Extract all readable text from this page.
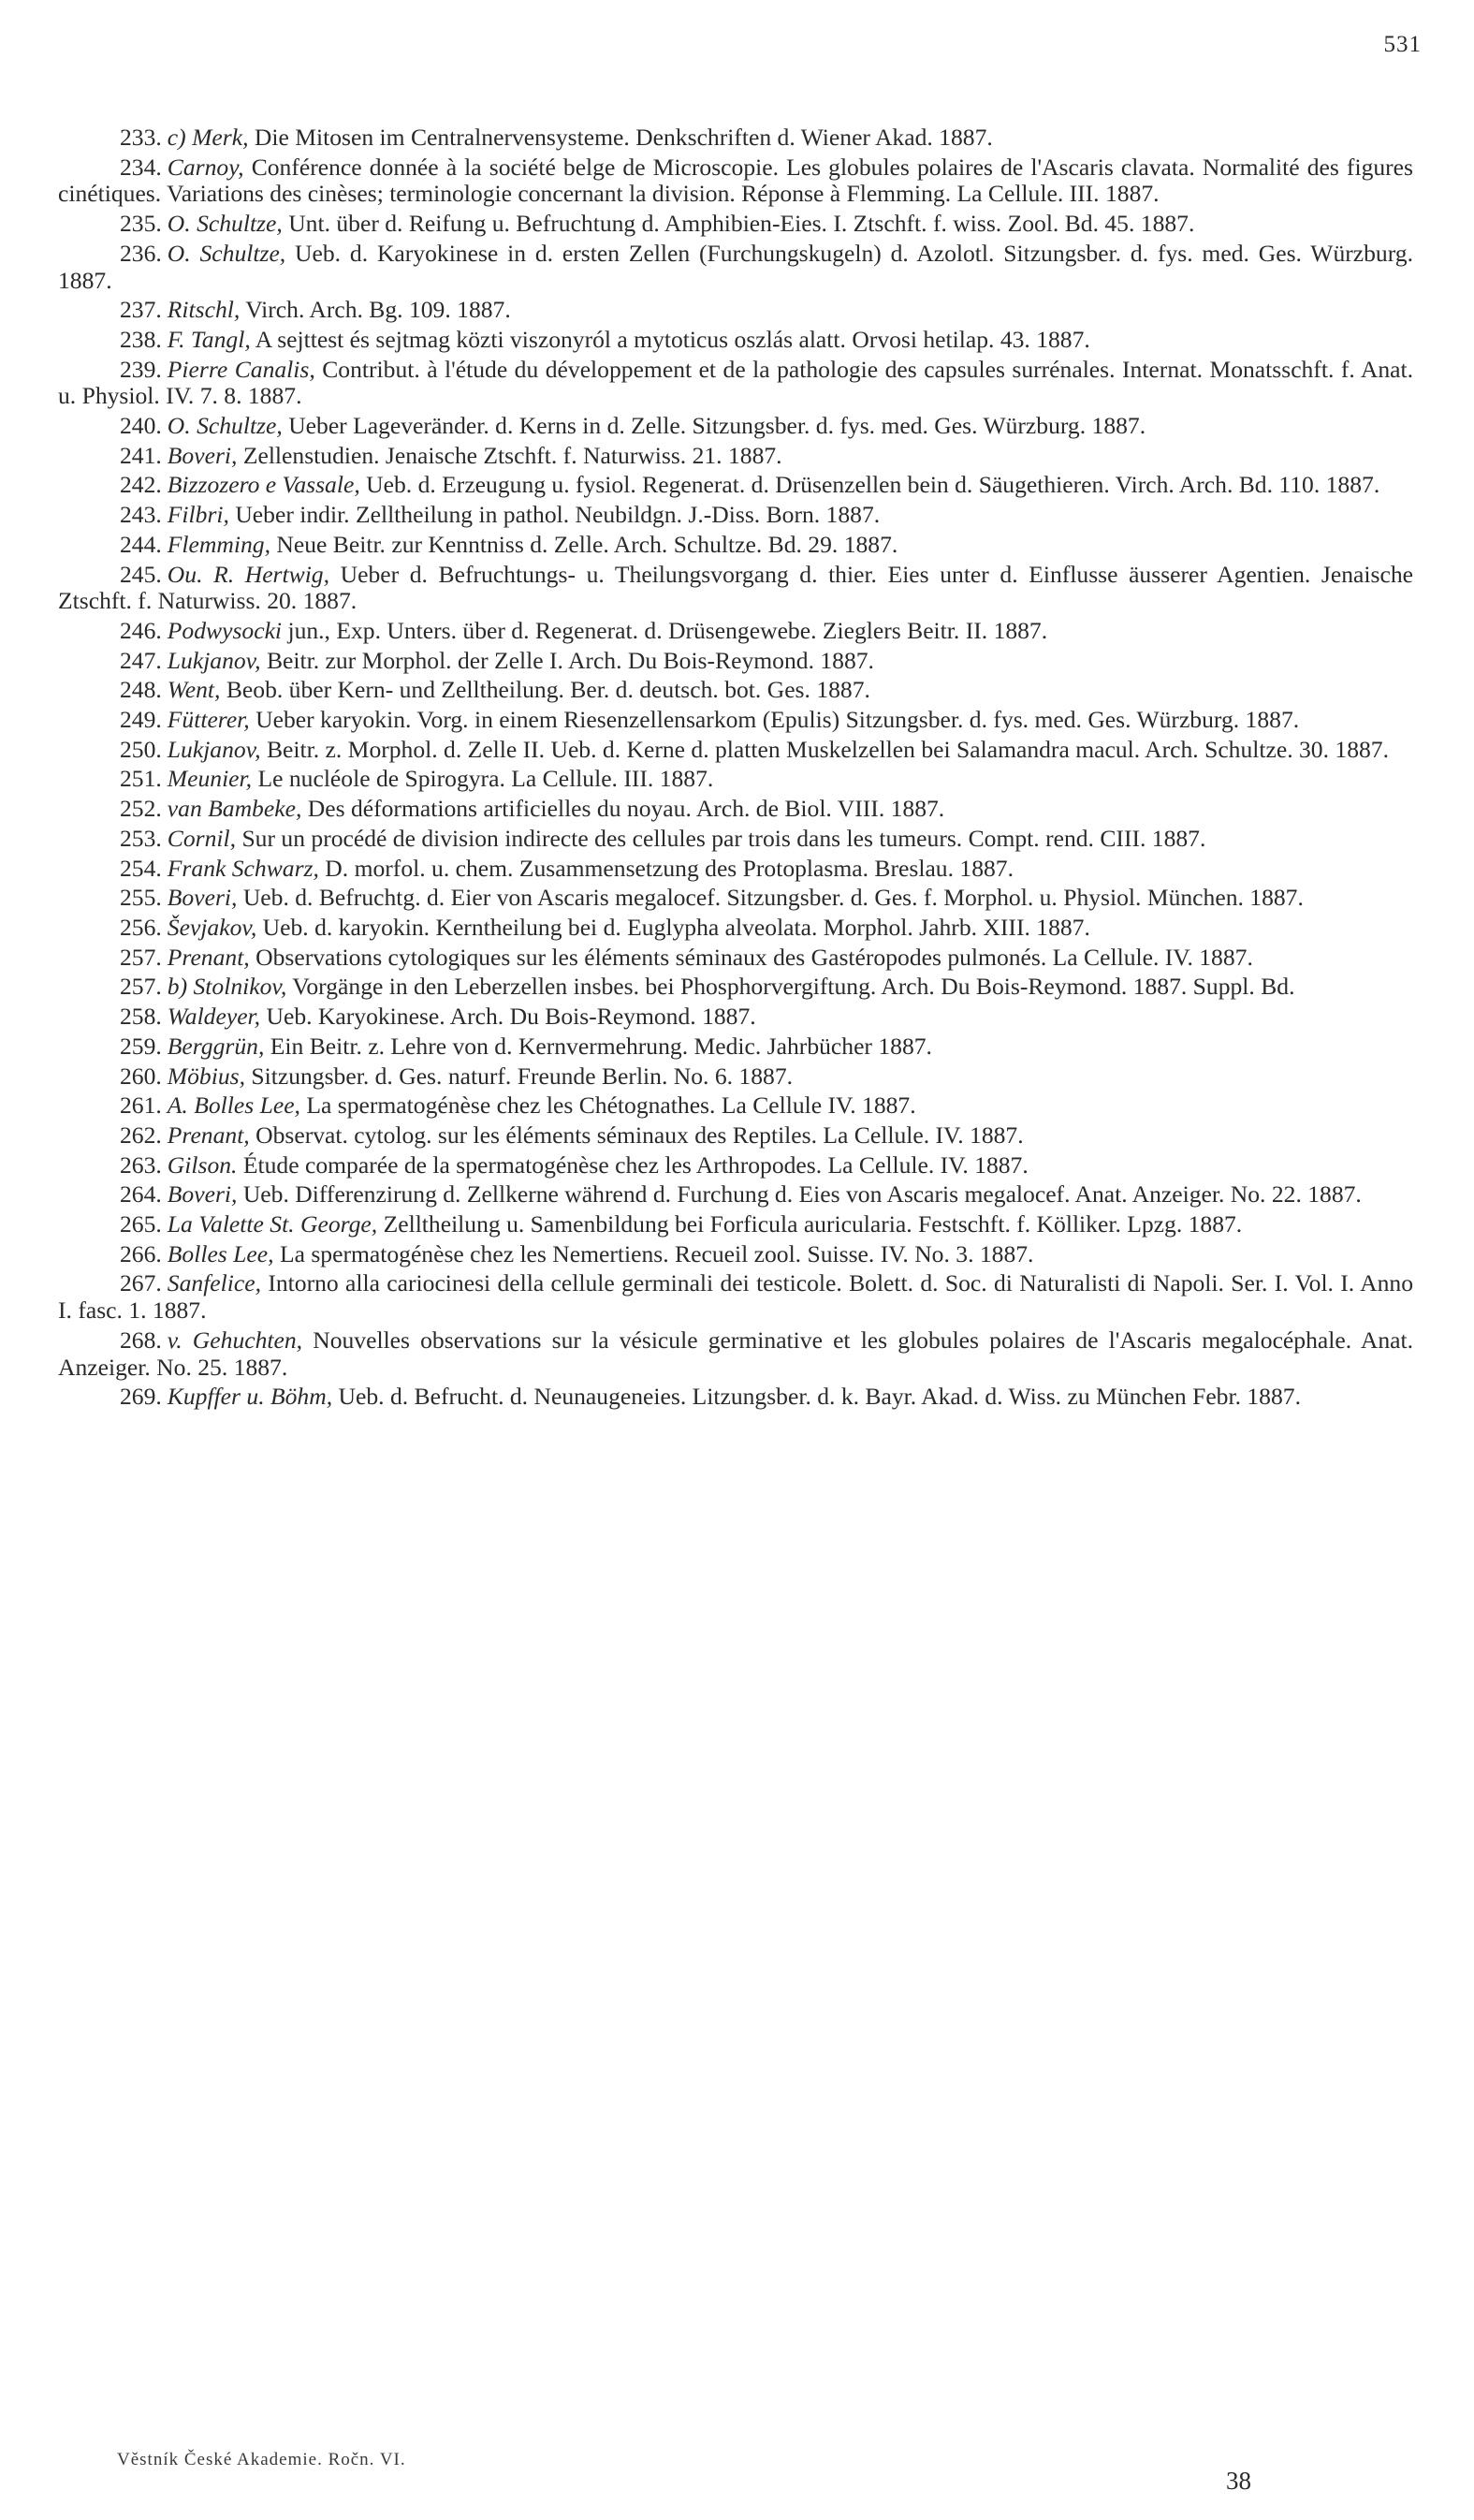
531

233. c) Merk, Die Mitosen im Centralnervensysteme. Denkschriften d. Wiener Akad. 1887.

234. Carnoy, Conférence donnée à la société belge de Microscopie. Les globules polaires de l'Ascaris clavata. Normalité des figures cinétiques. Variations des cinèses; terminologie concernant la division. Réponse à Flemming. La Cellule. III. 1887.

235. O. Schultze, Unt. über d. Reifung u. Befruchtung d. Amphibien-Eies. I. Ztschft. f. wiss. Zool. Bd. 45. 1887.

236. O. Schultze, Ueb. d. Karyokinese in d. ersten Zellen (Furchungskugeln) d. Azolotl. Sitzungsber. d. fys. med. Ges. Würzburg. 1887.

237. Ritschl, Virch. Arch. Bg. 109. 1887.

238. F. Tangl, A sejttest és sejtmag közti viszonyról a mytoticus oszlás alatt. Orvosi hetilap. 43. 1887.

239. Pierre Canalis, Contribut. à l'étude du développement et de la pathologie des capsules surrénales. Internat. Monatsschft. f. Anat. u. Physiol. IV. 7. 8. 1887.

240. O. Schultze, Ueber Lageveränder. d. Kerns in d. Zelle. Sitzungsber. d. fys. med. Ges. Würzburg. 1887.

241. Boveri, Zellenstudien. Jenaische Ztschft. f. Naturwiss. 21. 1887.

242. Bizzozero e Vassale, Ueb. d. Erzeugung u. fysiol. Regenerat. d. Drüsenzellen bein d. Säugethieren. Virch. Arch. Bd. 110. 1887.

243. Filbri, Ueber indir. Zelltheilung in pathol. Neubildgn. J.-Diss. Born. 1887.

244. Flemming, Neue Beitr. zur Kenntniss d. Zelle. Arch. Schultze. Bd. 29. 1887.

245. Ou. R. Hertwig, Ueber d. Befruchtungs- u. Theilungsvorgang d. thier. Eies unter d. Einflusse äusserer Agentien. Jenaische Ztschft. f. Naturwiss. 20. 1887.

246. Podwysocki jun., Exp. Unters. über d. Regenerat. d. Drüsengewebe. Zieglers Beitr. II. 1887.

247. Lukjanov, Beitr. zur Morphol. der Zelle I. Arch. Du Bois-Reymond. 1887.

248. Went, Beob. über Kern- und Zelltheilung. Ber. d. deutsch. bot. Ges. 1887.

249. Fütterer, Ueber karyokin. Vorg. in einem Riesenzellensarkom (Epulis) Sitzungsber. d. fys. med. Ges. Würzburg. 1887.

250. Lukjanov, Beitr. z. Morphol. d. Zelle II. Ueb. d. Kerne d. platten Muskelzellen bei Salamandra macul. Arch. Schultze. 30. 1887.

251. Meunier, Le nucléole de Spirogyra. La Cellule. III. 1887.

252. van Bambeke, Des déformations artificielles du noyau. Arch. de Biol. VIII. 1887.

253. Cornil, Sur un procédé de division indirecte des cellules par trois dans les tumeurs. Compt. rend. CIII. 1887.

254. Frank Schwarz, D. morfol. u. chem. Zusammensetzung des Protoplasma. Breslau. 1887.

255. Boveri, Ueb. d. Befruchtg. d. Eier von Ascaris megalocef. Sitzungsber. d. Ges. f. Morphol. u. Physiol. München. 1887.

256. Ševjakov, Ueb. d. karyokin. Kerntheilung bei d. Euglypha alveolata. Morphol. Jahrb. XIII. 1887.

257. Prenant, Observations cytologiques sur les éléments séminaux des Gastéropodes pulmonés. La Cellule. IV. 1887.

257. b) Stolnikov, Vorgänge in den Leberzellen insbes. bei Phosphorvergiftung. Arch. Du Bois-Reymond. 1887. Suppl. Bd.

258. Waldeyer, Ueb. Karyokinese. Arch. Du Bois-Reymond. 1887.

259. Berggrün, Ein Beitr. z. Lehre von d. Kernvermehrung. Medic. Jahrbücher 1887.

260. Möbius, Sitzungsber. d. Ges. naturf. Freunde Berlin. No. 6. 1887.

261. A. Bolles Lee, La spermatogénèse chez les Chétognathes. La Cellule IV. 1887.

262. Prenant, Observat. cytolog. sur les éléments séminaux des Reptiles. La Cellule. IV. 1887.

263. Gilson. Étude comparée de la spermatogénèse chez les Arthropodes. La Cellule. IV. 1887.

264. Boveri, Ueb. Differenzirung d. Zellkerne während d. Furchung d. Eies von Ascaris megalocef. Anat. Anzeiger. No. 22. 1887.

265. La Valette St. George, Zelltheilung u. Samenbildung bei Forficula auricularia. Festschft. f. Kölliker. Lpzg. 1887.

266. Bolles Lee, La spermatogénèse chez les Nemertiens. Recueil zool. Suisse. IV. No. 3. 1887.

267. Sanfelice, Intorno alla cariocinesi della cellule germinali dei testicole. Bolett. d. Soc. di Naturalisti di Napoli. Ser. I. Vol. I. Anno I. fasc. 1. 1887.

268. v. Gehuchten, Nouvelles observations sur la vésicule germinative et les globules polaires de l'Ascaris megalocéphale. Anat. Anzeiger. No. 25. 1887.

269. Kupffer u. Böhm, Ueb. d. Befrucht. d. Neunaugeneies. Litzungsber. d. k. Bayr. Akad. d. Wiss. zu München Febr. 1887.

Věstník České Akademie. Ročn. VI.
38
